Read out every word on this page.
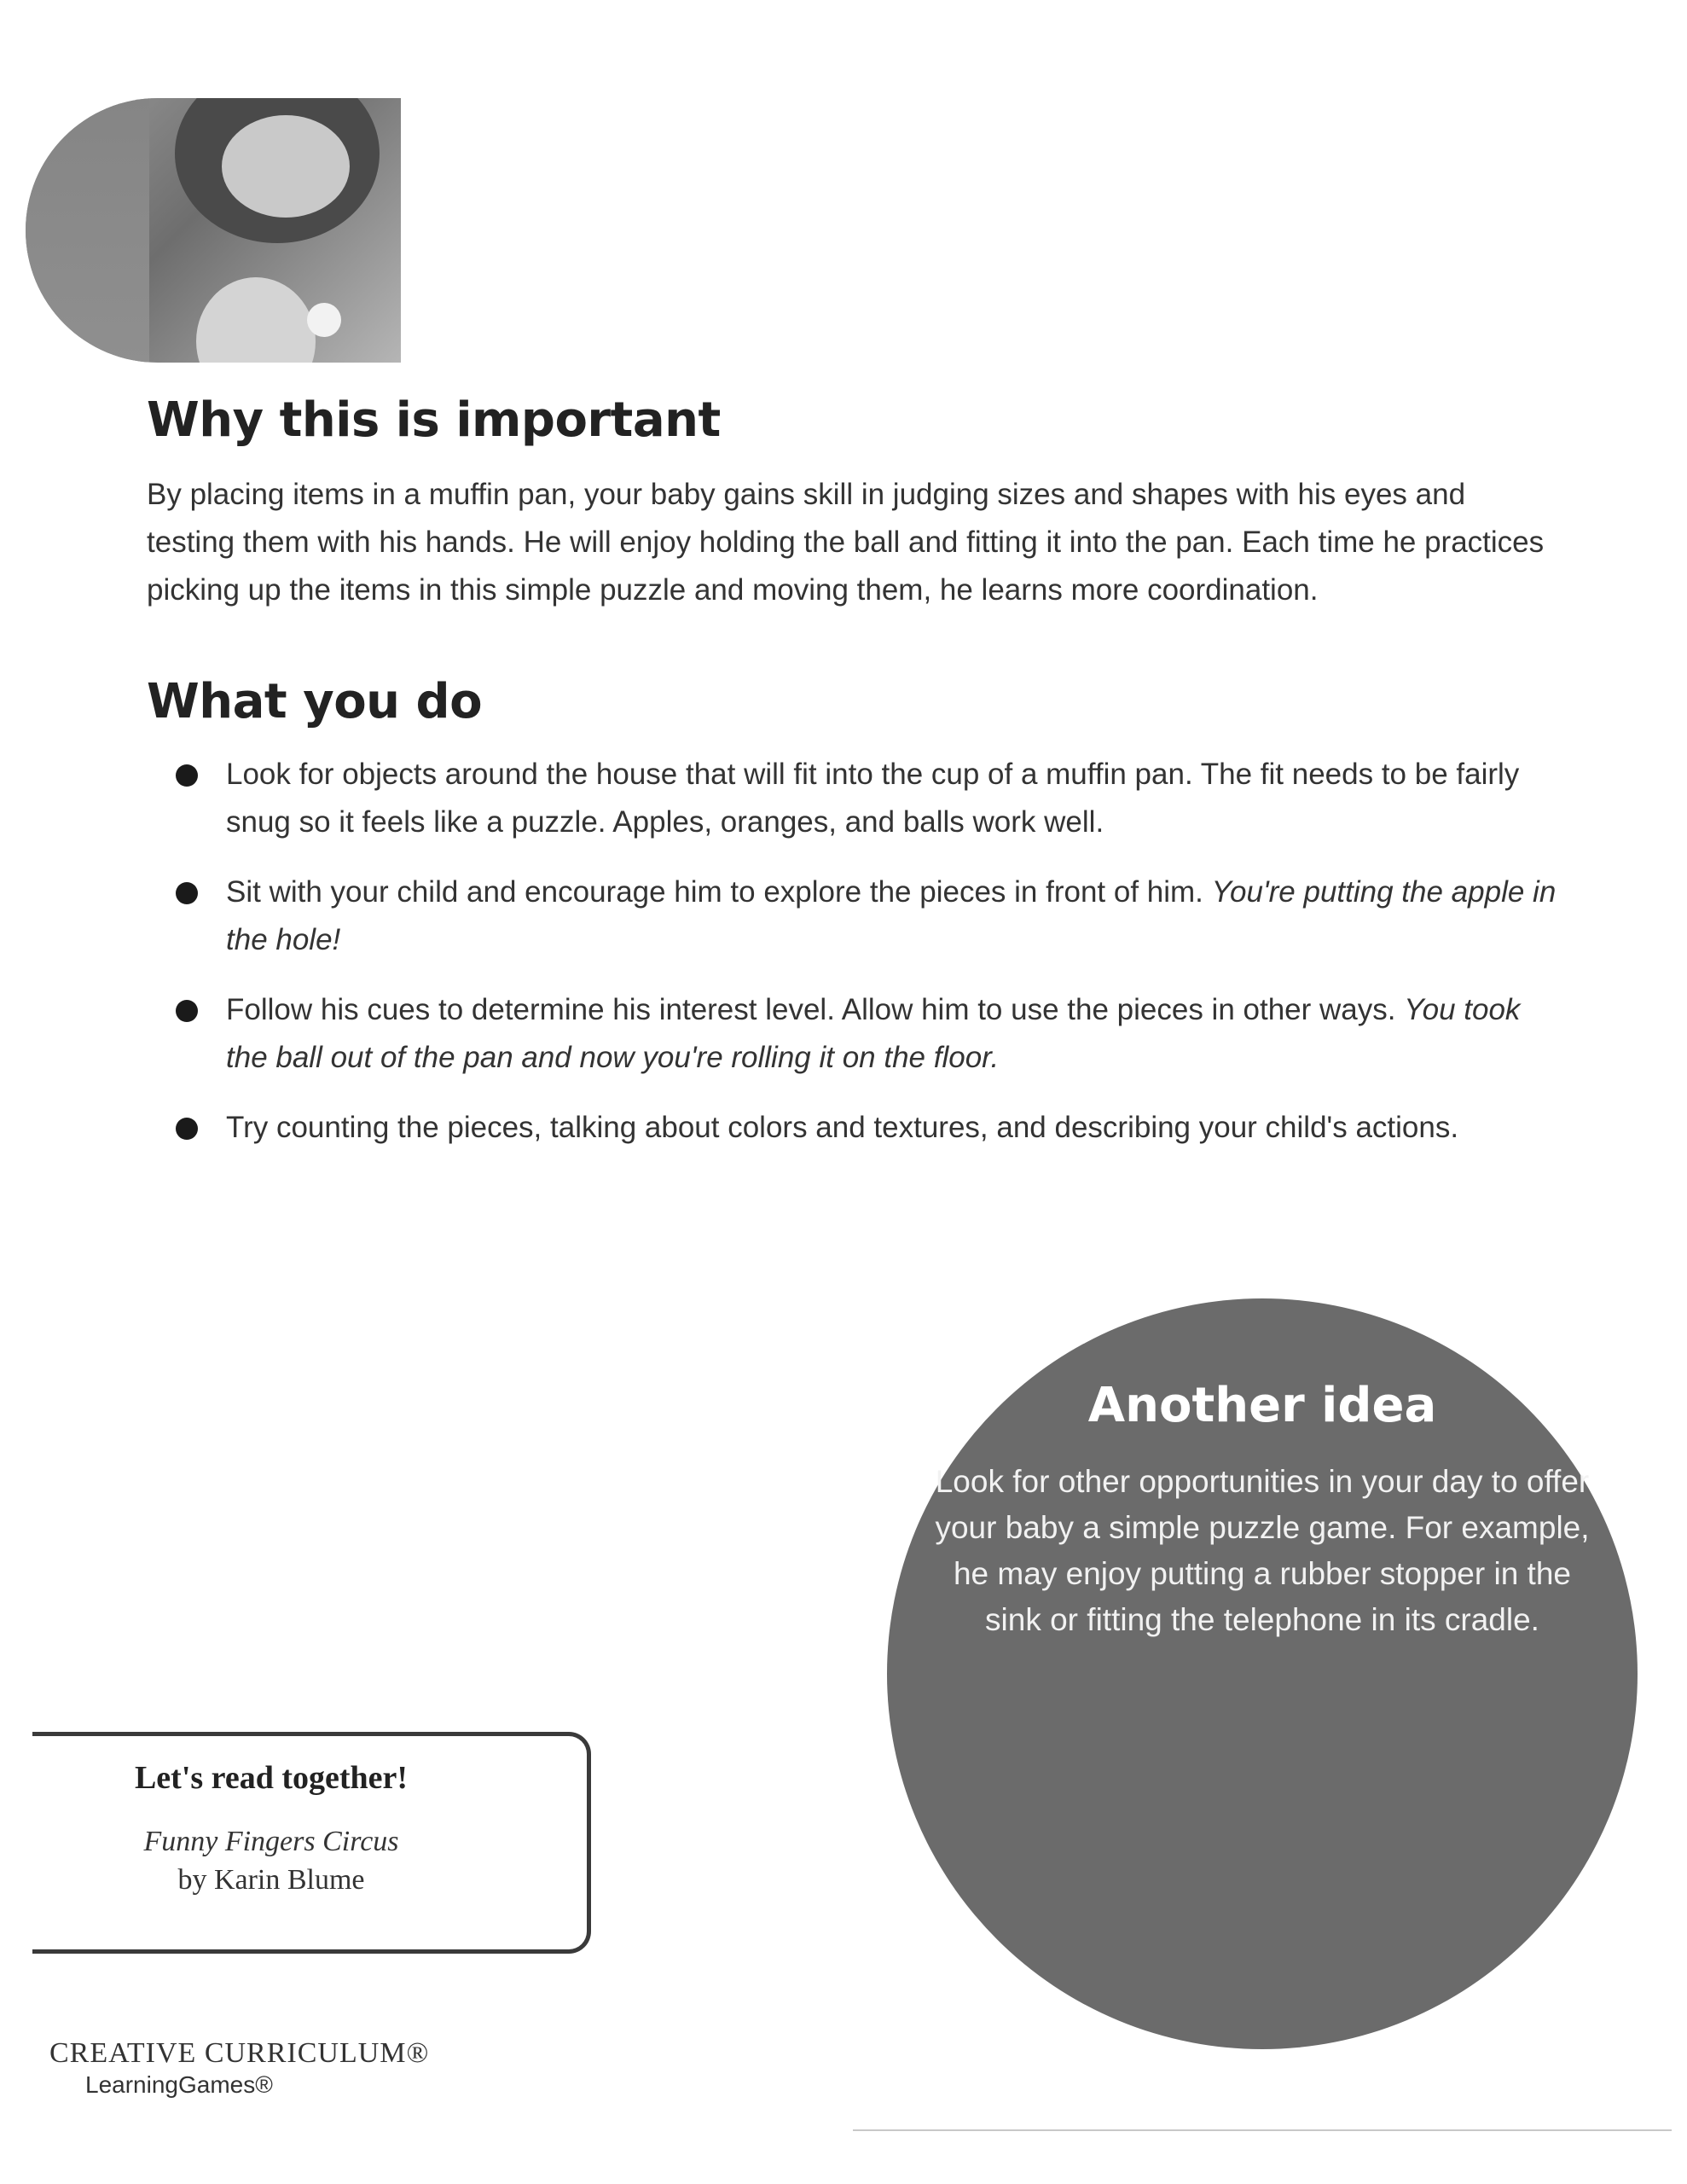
Why this is important
By placing items in a muffin pan, your baby gains skill in judging sizes and shapes with his eyes and testing them with his hands. He will enjoy holding the ball and fitting it into the pan. Each time he practices picking up the items in this simple puzzle and moving them, he learns more coordination.
What you do
Look for objects around the house that will fit into the cup of a muffin pan. The fit needs to be fairly snug so it feels like a puzzle. Apples, oranges, and balls work well.
Sit with your child and encourage him to explore the pieces in front of him. You're putting the apple in the hole!
Follow his cues to determine his interest level. Allow him to use the pieces in other ways. You took the ball out of the pan and now you're rolling it on the floor.
Try counting the pieces, talking about colors and textures, and describing your child's actions.
Another idea
Look for other opportunities in your day to offer your baby a simple puzzle game. For example, he may enjoy putting a rubber stopper in the sink or fitting the telephone in its cradle.
Let's read together!
Funny Fingers Circus
by Karin Blume
CREATIVE CURRICULUM®
LearningGames®
